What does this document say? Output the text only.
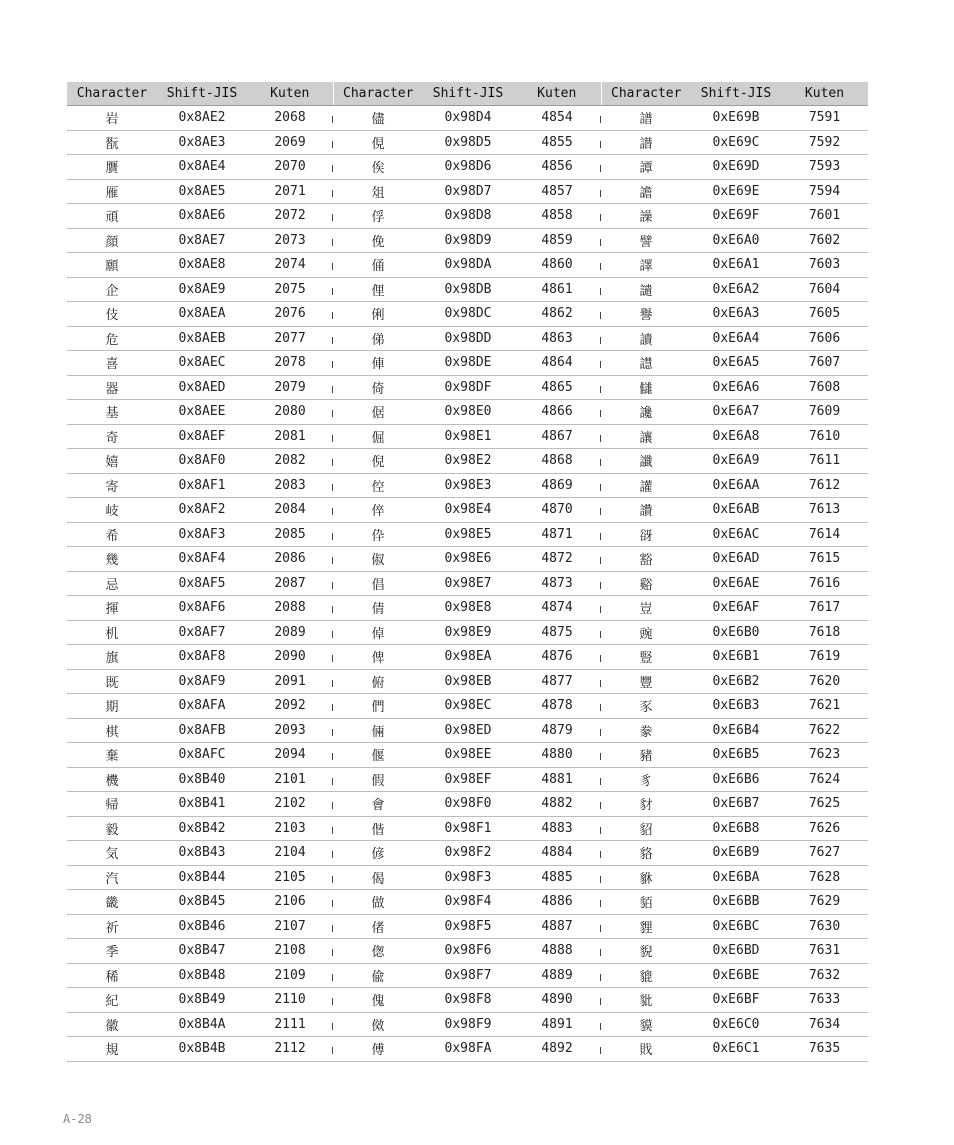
Character	Shift-JIS	Kuten	Character	Shift-JIS	Kuten	Character	Shift-JIS	Kuten
岩	0x8AE2	2068	儘	0x98D4	4854	譜	0xE69B	7591
翫	0x8AE3	2069	俔	0x98D5	4855	譛	0xE69C	7592
贋	0x8AE4	2070	俟	0x98D6	4856	譚	0xE69D	7593
雁	0x8AE5	2071	俎	0x98D7	4857	譫	0xE69E	7594
頑	0x8AE6	2072	俘	0x98D8	4858	譟	0xE69F	7601
顔	0x8AE7	2073	俛	0x98D9	4859	譬	0xE6A0	7602
願	0x8AE8	2074	俑	0x98DA	4860	譯	0xE6A1	7603
企	0x8AE9	2075	俚	0x98DB	4861	譴	0xE6A2	7604
伎	0x8AEA	2076	俐	0x98DC	4862	譽	0xE6A3	7605
危	0x8AEB	2077	俤	0x98DD	4863	讀	0xE6A4	7606
喜	0x8AEC	2078	俥	0x98DE	4864	譿	0xE6A5	7607
器	0x8AED	2079	倚	0x98DF	4865	讎	0xE6A6	7608
基	0x8AEE	2080	倨	0x98E0	4866	讒	0xE6A7	7609
奇	0x8AEF	2081	倔	0x98E1	4867	讓	0xE6A8	7610
嬉	0x8AF0	2082	倪	0x98E2	4868	讖	0xE6A9	7611
寄	0x8AF1	2083	倥	0x98E3	4869	讙	0xE6AA	7612
岐	0x8AF2	2084	倅	0x98E4	4870	讚	0xE6AB	7613
希	0x8AF3	2085	伜	0x98E5	4871	谺	0xE6AC	7614
幾	0x8AF4	2086	俶	0x98E6	4872	豁	0xE6AD	7615
忌	0x8AF5	2087	倡	0x98E7	4873	谿	0xE6AE	7616
揮	0x8AF6	2088	倩	0x98E8	4874	豈	0xE6AF	7617
机	0x8AF7	2089	倬	0x98E9	4875	豌	0xE6B0	7618
旗	0x8AF8	2090	俾	0x98EA	4876	豎	0xE6B1	7619
既	0x8AF9	2091	俯	0x98EB	4877	豐	0xE6B2	7620
期	0x8AFA	2092	們	0x98EC	4878	豕	0xE6B3	7621
棋	0x8AFB	2093	倆	0x98ED	4879	豢	0xE6B4	7622
棄	0x8AFC	2094	偃	0x98EE	4880	豬	0xE6B5	7623
機	0x8B40	2101	假	0x98EF	4881	豸	0xE6B6	7624
帰	0x8B41	2102	會	0x98F0	4882	豺	0xE6B7	7625
毅	0x8B42	2103	偕	0x98F1	4883	貂	0xE6B8	7626
気	0x8B43	2104	偐	0x98F2	4884	貉	0xE6B9	7627
汽	0x8B44	2105	偈	0x98F3	4885	貅	0xE6BA	7628
畿	0x8B45	2106	做	0x98F4	4886	貊	0xE6BB	7629
祈	0x8B46	2107	偖	0x98F5	4887	貍	0xE6BC	7630
季	0x8B47	2108	偬	0x98F6	4888	貎	0xE6BD	7631
稀	0x8B48	2109	偸	0x98F7	4889	貔	0xE6BE	7632
紀	0x8B49	2110	傀	0x98F8	4890	豼	0xE6BF	7633
徽	0x8B4A	2111	傚	0x98F9	4891	貘	0xE6C0	7634
規	0x8B4B	2112	傅	0x98FA	4892	戝	0xE6C1	7635
A-28
